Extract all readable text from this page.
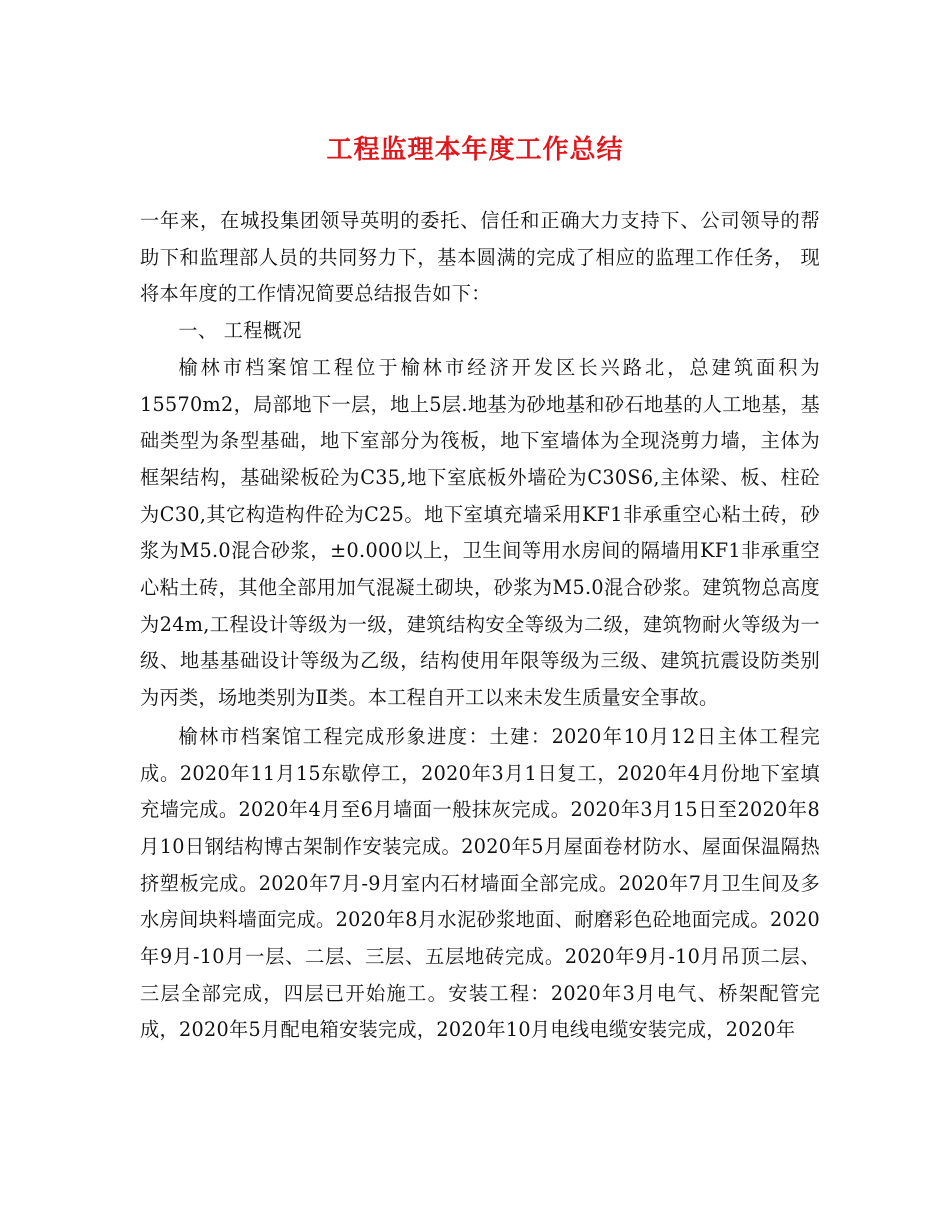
工程监理本年度工作总结

一年来，在城投集团领导英明的委托、信任和正确大力支持下、公司领导的帮助下和监理部人员的共同努力下，基本圆满的完成了相应的监理工作任务， 现将本年度的工作情况简要总结报告如下：

一、 工程概况

榆林市档案馆工程位于榆林市经济开发区长兴路北，总建筑面积为15570m2，局部地下一层，地上5层.地基为砂地基和砂石地基的人工地基，基础类型为条型基础，地下室部分为筏板，地下室墙体为全现浇剪力墙，主体为框架结构，基础梁板砼为C35,地下室底板外墙砼为C30S6,主体梁、板、柱砼为C30,其它构造构件砼为C25。地下室填充墙采用KF1非承重空心粘土砖，砂浆为M5.0混合砂浆，±0.000以上，卫生间等用水房间的隔墙用KF1非承重空心粘土砖，其他全部用加气混凝土砌块，砂浆为M5.0混合砂浆。建筑物总高度为24m,工程设计等级为一级，建筑结构安全等级为二级，建筑物耐火等级为一级、地基基础设计等级为乙级，结构使用年限等级为三级、建筑抗震设防类别为丙类，场地类别为Ⅱ类。本工程自开工以来未发生质量安全事故。

榆林市档案馆工程完成形象进度：土建：2020年10月12日主体工程完成。2020年11月15东歇停工，2020年3月1日复工，2020年4月份地下室填充墙完成。2020年4月至6月墙面一般抹灰完成。2020年3月15日至2020年8月10日钢结构博古架制作安装完成。2020年5月屋面卷材防水、屋面保温隔热挤塑板完成。2020年7月-9月室内石材墙面全部完成。2020年7月卫生间及多水房间块料墙面完成。2020年8月水泥砂浆地面、耐磨彩色砼地面完成。2020年9月-10月一层、二层、三层、五层地砖完成。2020年9月-10月吊顶二层、三层全部完成，四层已开始施工。安装工程：2020年3月电气、桥架配管完成，2020年5月配电箱安装完成，2020年10月电线电缆安装完成，2020年
